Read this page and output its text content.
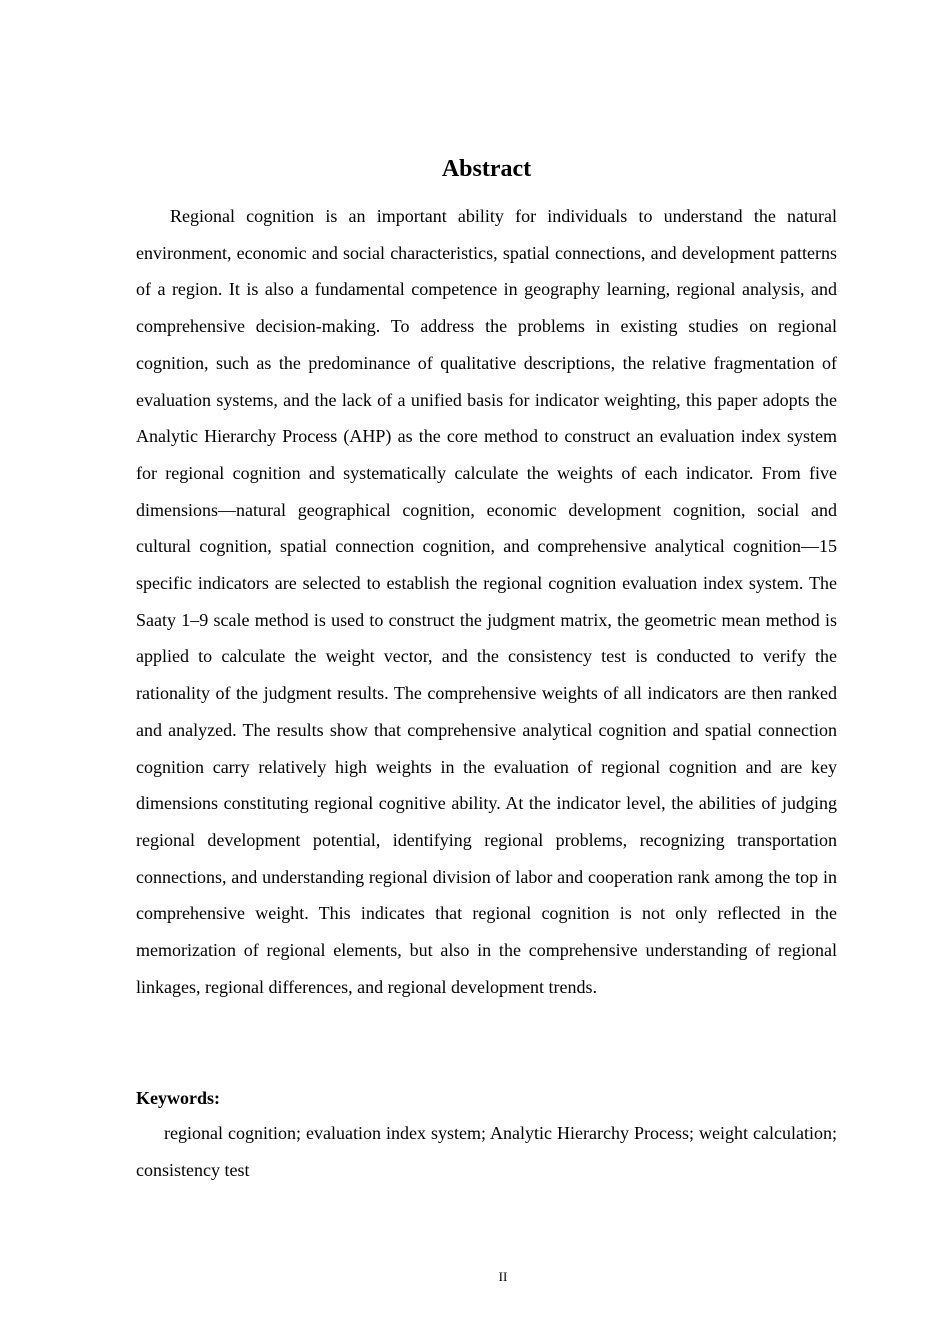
Abstract

Regional cognition is an important ability for individuals to understand the natural environment, economic and social characteristics, spatial connections, and development patterns of a region. It is also a fundamental competence in geography learning, regional analysis, and comprehensive decision-making. To address the problems in existing studies on regional cognition, such as the predominance of qualitative descriptions, the relative fragmentation of evaluation systems, and the lack of a unified basis for indicator weighting, this paper adopts the Analytic Hierarchy Process (AHP) as the core method to construct an evaluation index system for regional cognition and systematically calculate the weights of each indicator. From five dimensions—natural geographical cognition, economic development cognition, social and cultural cognition, spatial connection cognition, and comprehensive analytical cognition—15 specific indicators are selected to establish the regional cognition evaluation index system. The Saaty 1–9 scale method is used to construct the judgment matrix, the geometric mean method is applied to calculate the weight vector, and the consistency test is conducted to verify the rationality of the judgment results. The comprehensive weights of all indicators are then ranked and analyzed. The results show that comprehensive analytical cognition and spatial connection cognition carry relatively high weights in the evaluation of regional cognition and are key dimensions constituting regional cognitive ability. At the indicator level, the abilities of judging regional development potential, identifying regional problems, recognizing transportation connections, and understanding regional division of labor and cooperation rank among the top in comprehensive weight. This indicates that regional cognition is not only reflected in the memorization of regional elements, but also in the comprehensive understanding of regional linkages, regional differences, and regional development trends.

Keywords:

regional cognition; evaluation index system; Analytic Hierarchy Process; weight calculation; consistency test

II
